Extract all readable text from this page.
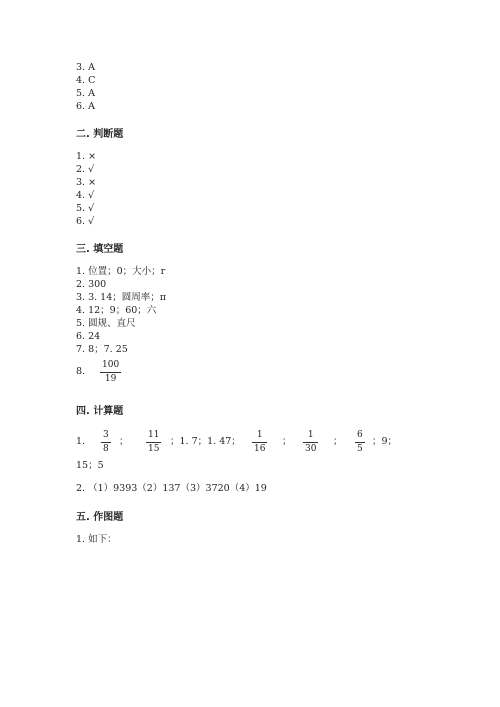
3. A
4. C
5. A
6. A
二. 判断题
1. ×
2. √
3. ×
4. √
5. √
6. √
三. 填空题
1. 位置；0；大小；r
2. 300
3. 3. 14；圆周率；π
4. 12；9；60；六
5. 圆规、直尺
6. 24
7. 8；7. 25
8.
100
19
四. 计算题
1.
3
8
；
11
15
；1. 7；1. 47；
1
16
；
1
30
；
6
5
；9；
15；5
2. （1）9393（2）137（3）3720（4）19
五. 作图题
1. 如下：
